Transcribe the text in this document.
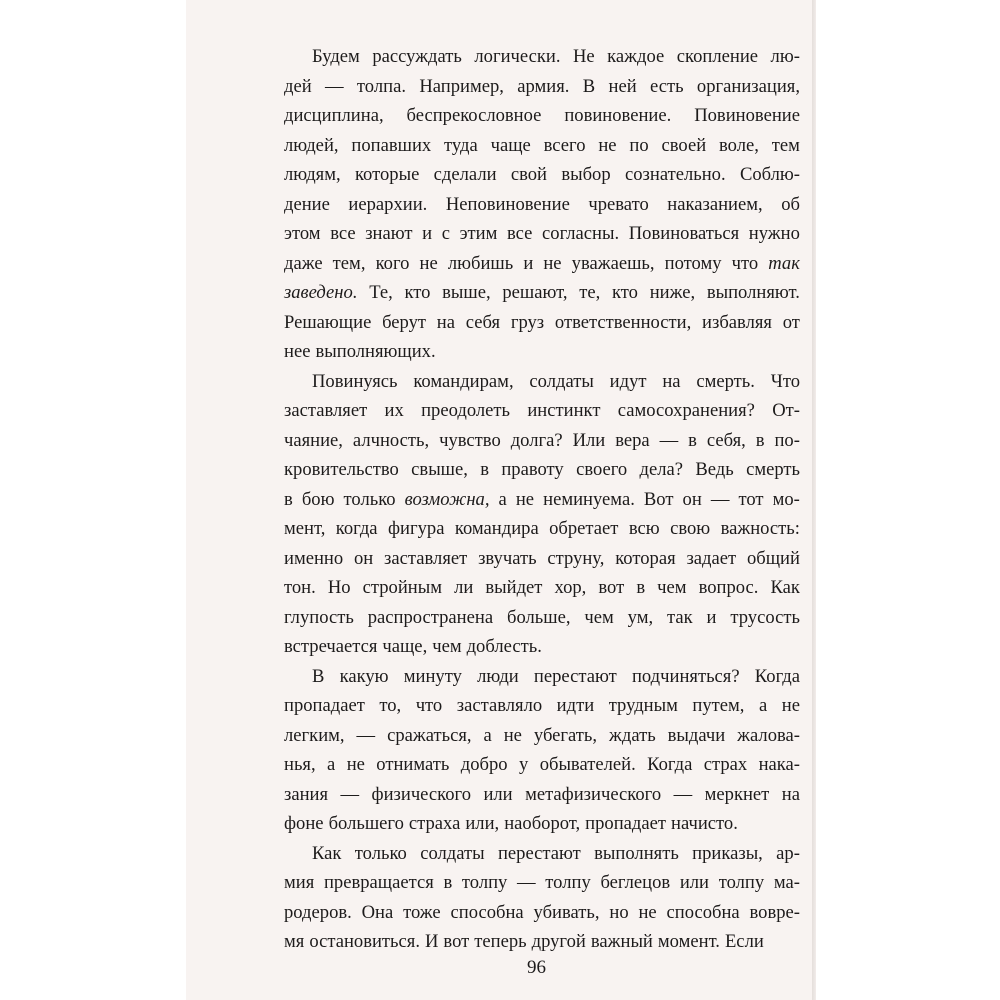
Будем рассуждать логически. Не каждое скопление лю-
дей — толпа. Например, армия. В ней есть организация,
дисциплина, беспрекословное повиновение. Повиновение
людей, попавших туда чаще всего не по своей воле, тем
людям, которые сделали свой выбор сознательно. Соблю-
дение иерархии. Неповиновение чревато наказанием, об
этом все знают и с этим все согласны. Повиноваться нужно
даже тем, кого не любишь и не уважаешь, потому что так
заведено. Те, кто выше, решают, те, кто ниже, выполняют.
Решающие берут на себя груз ответственности, избавляя от
нее выполняющих.
Повинуясь командирам, солдаты идут на смерть. Что
заставляет их преодолеть инстинкт самосохранения? От-
чаяние, алчность, чувство долга? Или вера — в себя, в по-
кровительство свыше, в правоту своего дела? Ведь смерть
в бою только возможна, а не неминуема. Вот он — тот мо-
мент, когда фигура командира обретает всю свою важность:
именно он заставляет звучать струну, которая задает общий
тон. Но стройным ли выйдет хор, вот в чем вопрос. Как
глупость распространена больше, чем ум, так и трусость
встречается чаще, чем доблесть.
В какую минуту люди перестают подчиняться? Когда
пропадает то, что заставляло идти трудным путем, а не
легким, — сражаться, а не убегать, ждать выдачи жалова-
нья, а не отнимать добро у обывателей. Когда страх нака-
зания — физического или метафизического — меркнет на
фоне большего страха или, наоборот, пропадает начисто.
Как только солдаты перестают выполнять приказы, ар-
мия превращается в толпу — толпу беглецов или толпу ма-
родеров. Она тоже способна убивать, но не способна вовре-
мя остановиться. И вот теперь другой важный момент. Если
96
